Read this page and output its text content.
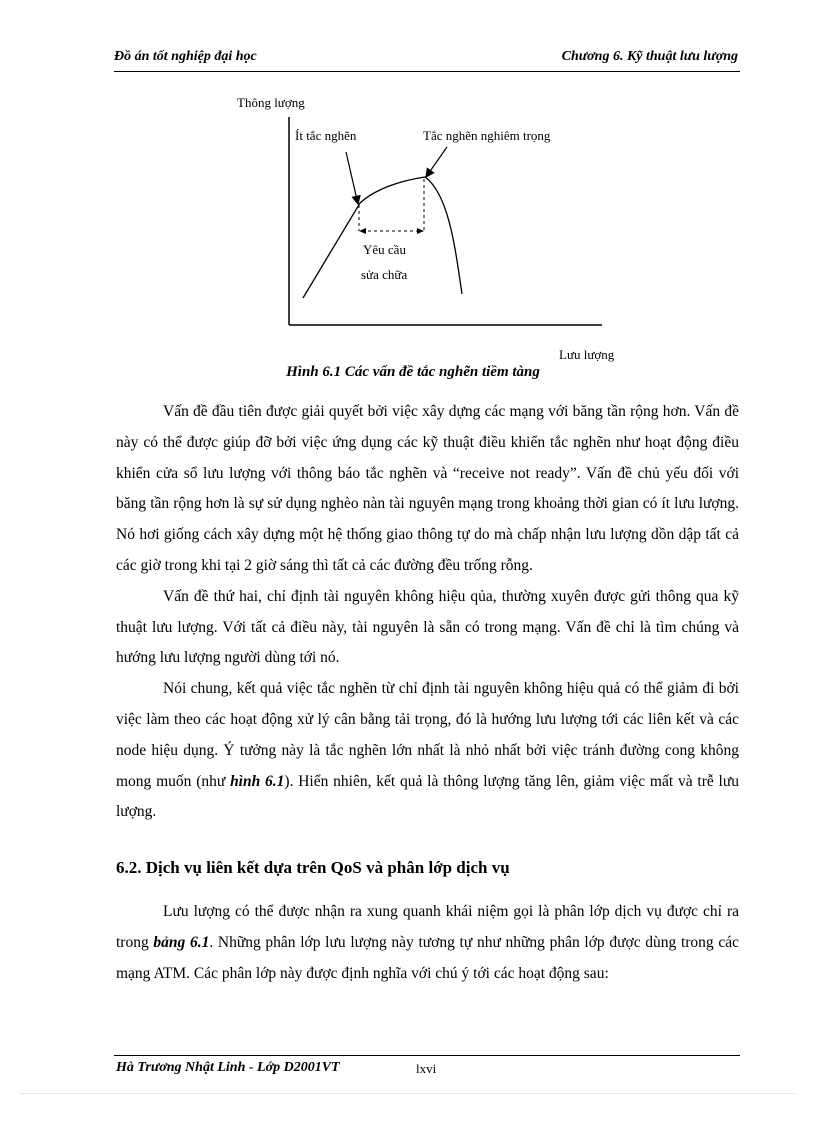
Đồ án tốt nghiệp đại học	Chương 6. Kỹ thuật lưu lượng
Thông lượng
Ít tắc nghẽn	Tắc nghẽn nghiêm trọng
Yêu cầu
sửa chữa
Lưu lượng
Hình 6.1 Các vấn đề tắc nghẽn tiềm tàng

Vấn đề đầu tiên được giải quyết bởi việc xây dựng các mạng với băng tần rộng hơn. Vấn đề này có thể được giúp đỡ bởi việc ứng dụng các kỹ thuật điều khiển tắc nghẽn như hoạt động điều khiển cửa sổ lưu lượng với thông báo tắc nghẽn và “receive not ready”. Vấn đề chủ yếu đối với băng tần rộng hơn là sự sử dụng nghèo nàn tài nguyên mạng trong khoảng thời gian có ít lưu lượng. Nó hơi giống cách xây dựng một hệ thống giao thông tự do mà chấp nhận lưu lượng dồn dập tất cả các giờ trong khi tại 2 giờ sáng thì tất cả các đường đều trống rỗng.

Vấn đề thứ hai, chỉ định tài nguyên không hiệu qủa, thường xuyên được gửi thông qua kỹ thuật lưu lượng. Với tất cả điều này, tài nguyên là sẵn có trong mạng. Vấn đề chỉ là tìm chúng và hướng lưu lượng người dùng tới nó.

Nói chung, kết quả việc tắc nghẽn từ chỉ định tài nguyên không hiệu quả có thể giảm đi bởi việc làm theo các hoạt động xử lý cân bằng tải trọng, đó là hướng lưu lượng tới các liên kết và các node hiệu dụng. Ý tưởng này là tắc nghẽn lớn nhất là nhỏ nhất bởi việc tránh đường cong không mong muốn (như hình 6.1). Hiển nhiên, kết quả là thông lượng tăng lên, giảm việc mất và trễ lưu lượng.

6.2. Dịch vụ liên kết dựa trên QoS và phân lớp dịch vụ

Lưu lượng có thể được nhận ra xung quanh khái niệm gọi là phân lớp dịch vụ được chỉ ra trong bảng 6.1. Những phân lớp lưu lượng này tương tự như những phân lớp được dùng trong các mạng ATM. Các phân lớp này được định nghĩa với chú ý tới các hoạt động sau:

Hà Trương Nhật Linh - Lớp D2001VT	lxvi
